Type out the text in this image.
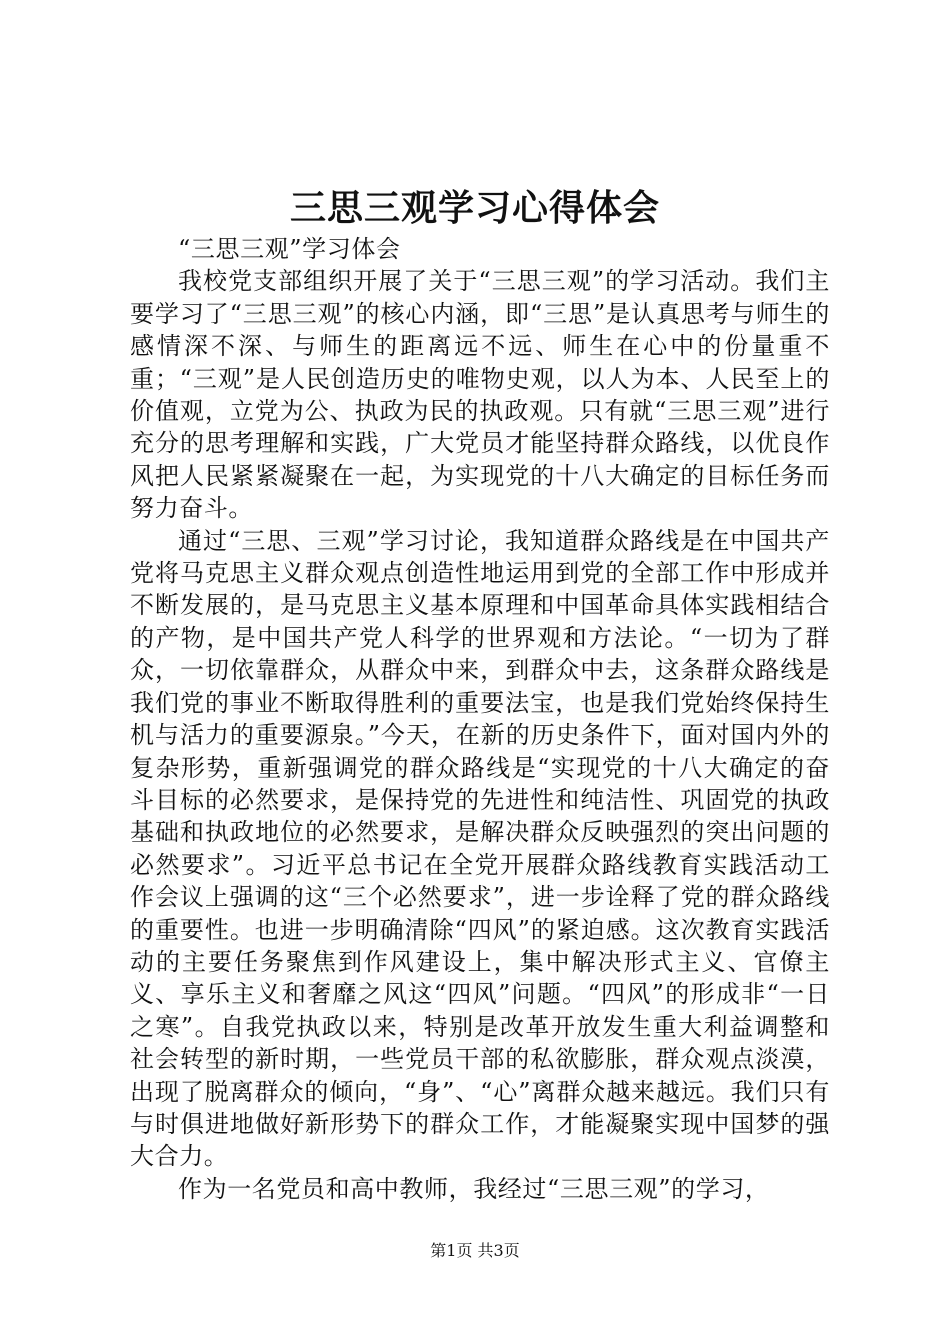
三思三观学习心得体会

“三思三观”学习体会

我校党支部组织开展了关于“三思三观”的学习活动。我们主要学习了“三思三观”的核心内涵，即“三思”是认真思考与师生的感情深不深、与师生的距离远不远、师生在心中的份量重不重；“三观”是人民创造历史的唯物史观，以人为本、人民至上的价值观，立党为公、执政为民的执政观。只有就“三思三观”进行充分的思考理解和实践，广大党员才能坚持群众路线，以优良作风把人民紧紧凝聚在一起，为实现党的十八大确定的目标任务而努力奋斗。

通过“三思、三观”学习讨论，我知道群众路线是在中国共产党将马克思主义群众观点创造性地运用到党的全部工作中形成并不断发展的，是马克思主义基本原理和中国革命具体实践相结合的产物，是中国共产党人科学的世界观和方法论。“一切为了群众，一切依靠群众，从群众中来，到群众中去，这条群众路线是我们党的事业不断取得胜利的重要法宝，也是我们党始终保持生机与活力的重要源泉。”今天，在新的历史条件下，面对国内外的复杂形势，重新强调党的群众路线是“实现党的十八大确定的奋斗目标的必然要求，是保持党的先进性和纯洁性、巩固党的执政基础和执政地位的必然要求，是解决群众反映强烈的突出问题的必然要求”。习近平总书记在全党开展群众路线教育实践活动工作会议上强调的这“三个必然要求”，进一步诠释了党的群众路线的重要性。也进一步明确清除“四风”的紧迫感。这次教育实践活动的主要任务聚焦到作风建设上，集中解决形式主义、官僚主义、享乐主义和奢靡之风这“四风”问题。“四风”的形成非“一日之寒”。自我党执政以来，特别是改革开放发生重大利益调整和社会转型的新时期，一些党员干部的私欲膨胀，群众观点淡漠，出现了脱离群众的倾向，“身”、“心”离群众越来越远。我们只有与时俱进地做好新形势下的群众工作，才能凝聚实现中国梦的强大合力。

作为一名党员和高中教师，我经过“三思三观”的学习，

第1页 共3页
